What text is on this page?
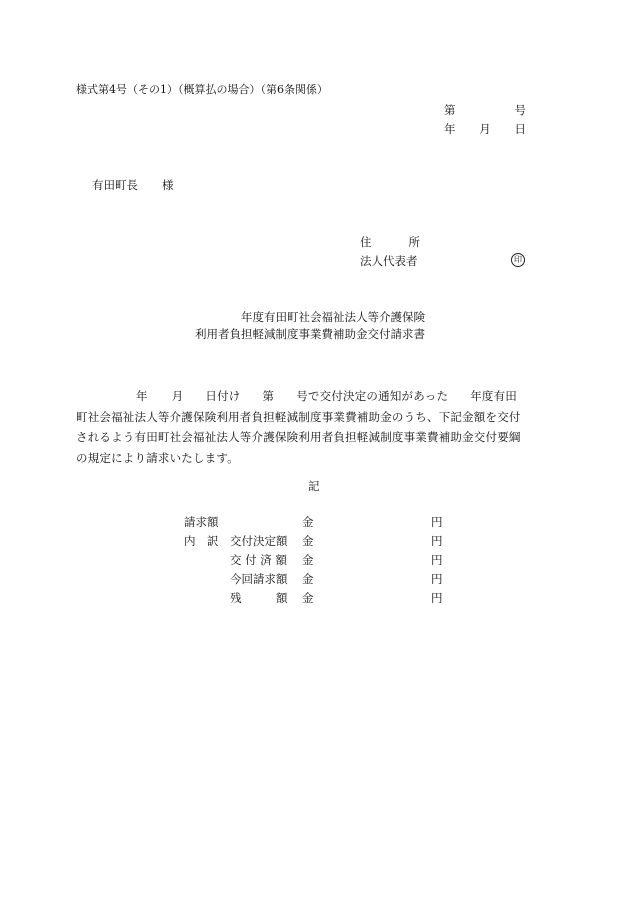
様式第4号（その1）（概算払の場合）（第6条関係）
第	号
年 月 日
有田町長 様
住	所
法人代表者	印
年度有田町社会福祉法人等介護保険
利用者負担軽減制度事業費補助金交付請求書
年 月 日付け 第 号で交付決定の通知があった 年度有田町社会福祉法人等介護保険利用者負担軽減制度事業費補助金のうち、下記金額を交付されるよう有田町社会福祉法人等介護保険利用者負担軽減制度事業費補助金交付要綱の規定により請求いたします。
記
請求額	金	円
内　訳 交付決定額 金	円
交 付 済 額 金	円
今回請求額 金	円
残　　　額 金	円
